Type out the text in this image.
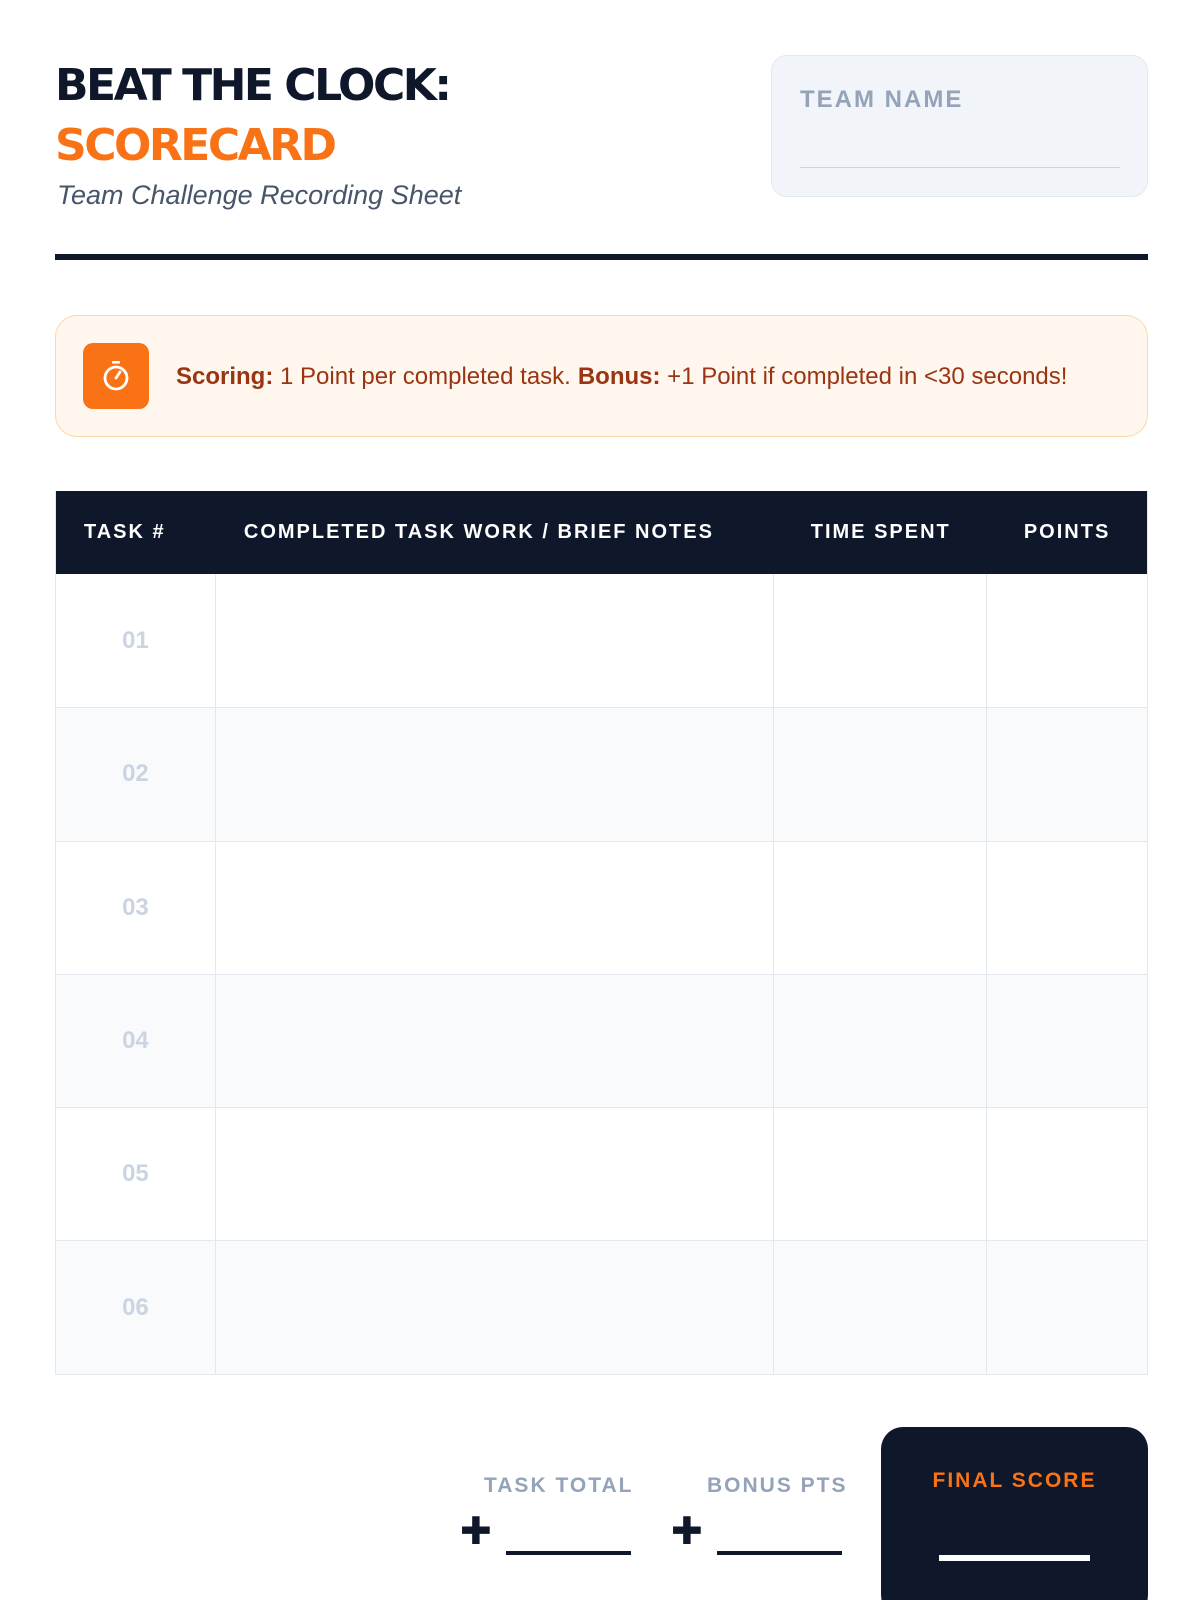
BEAT THE CLOCK:
SCORECARD
Team Challenge Recording Sheet
TEAM NAME
Scoring:
1 Point per completed task. Bonus:
+1 Point if completed in <30 seconds!
TASK #	COMPLETED TASK WORK / BRIEF NOTES	TIME SPENT	POINTS
01
02
03
04
05
06
TASK TOTAL
✚
BONUS PTS
✚
FINAL SCORE
